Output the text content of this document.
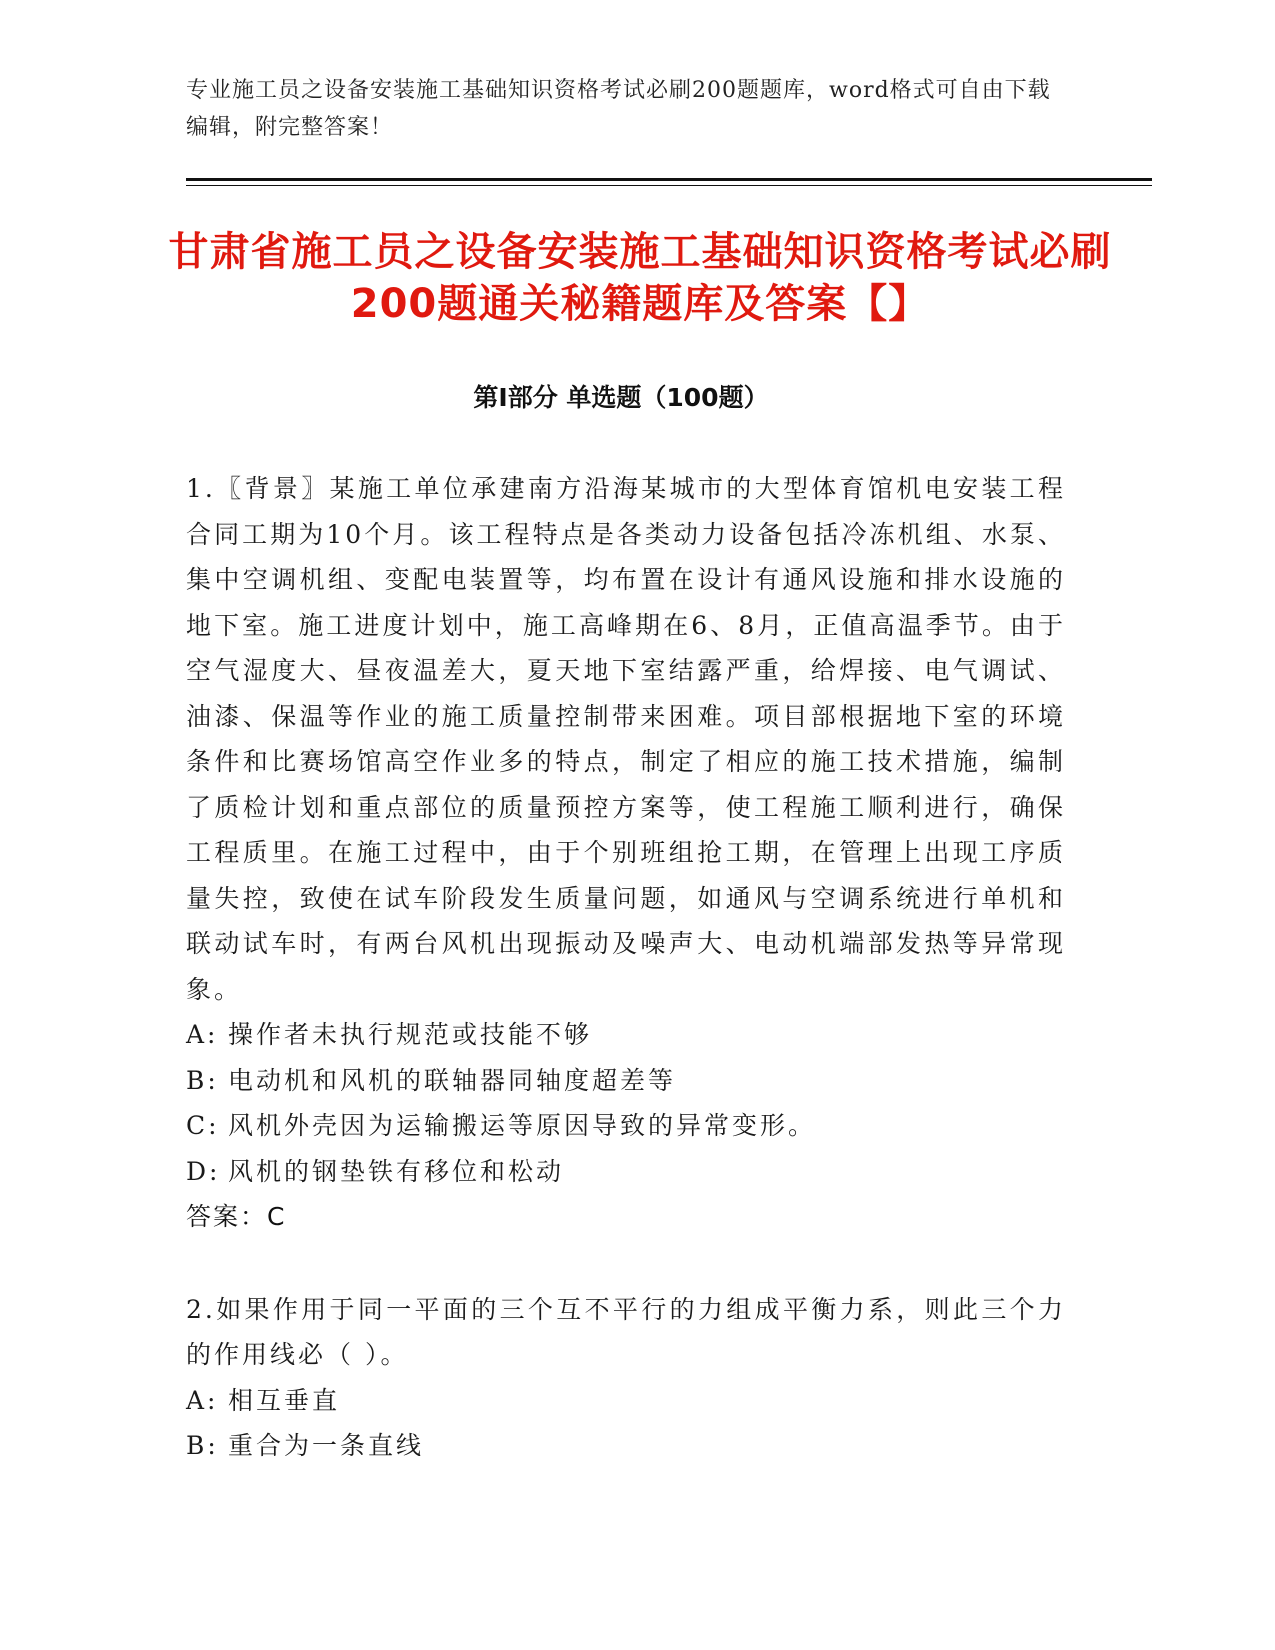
专业施工员之设备安装施工基础知识资格考试必刷200题题库，word格式可自由下载编辑，附完整答案！
甘肃省施工员之设备安装施工基础知识资格考试必刷200题通关秘籍题库及答案【】
第I部分 单选题（100题）
1.〖背景〗某施工单位承建南方沿海某城市的大型体育馆机电安装工程合同工期为10个月。该工程特点是各类动力设备包括冷冻机组、水泵、集中空调机组、变配电装置等，均布置在设计有通风设施和排水设施的地下室。施工进度计划中，施工高峰期在6、8月，正值高温季节。由于空气湿度大、昼夜温差大，夏天地下室结露严重，给焊接、电气调试、油漆、保温等作业的施工质量控制带来困难。项目部根据地下室的环境条件和比赛场馆高空作业多的特点，制定了相应的施工技术措施，编制了质检计划和重点部位的质量预控方案等，使工程施工顺利进行，确保工程质里。在施工过程中，由于个别班组抢工期，在管理上出现工序质量失控，致使在试车阶段发生质量问题，如通风与空调系统进行单机和联动试车时，有两台风机出现振动及噪声大、电动机端部发热等异常现象。
A: 操作者未执行规范或技能不够
B: 电动机和风机的联轴器同轴度超差等
C: 风机外壳因为运输搬运等原因导致的异常变形。
D: 风机的钢垫铁有移位和松动
答案：C
2.如果作用于同一平面的三个互不平行的力组成平衡力系，则此三个力的作用线必（ ）。
A: 相互垂直
B: 重合为一条直线
